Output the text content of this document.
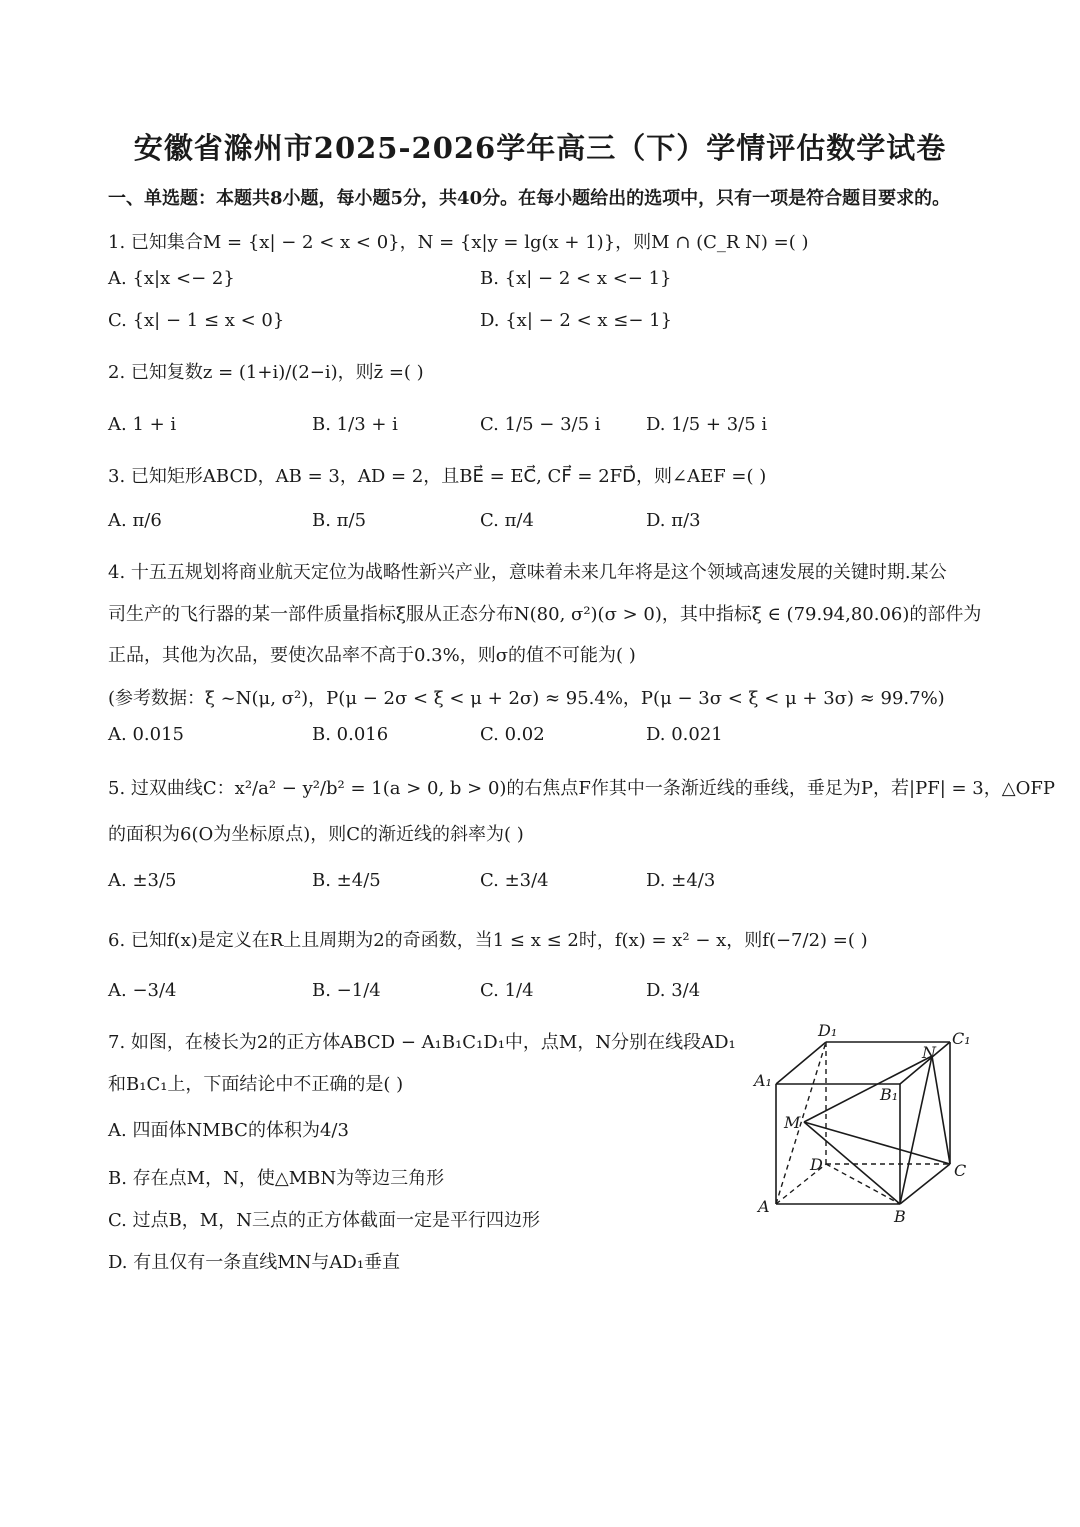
安徽省滁州市2025-2026学年高三（下）学情评估数学试卷
一、单选题：本题共8小题，每小题5分，共40分。在每小题给出的选项中，只有一项是符合题目要求的。
1. 已知集合M = {x| − 2 < x < 0}，N = {x|y = lg(x + 1)}，则M ∩ (C_R N) =( )
A. {x|x <− 2}	B. {x| − 2 < x <− 1}
C. {x| − 1 ≤ x < 0}	D. {x| − 2 < x ≤− 1}
2. 已知复数z = (1+i)/(2−i)，则z̄ =( )
A. 1 + i	B. 1/3 + i	C. 1/5 − 3/5 i	D. 1/5 + 3/5 i
3. 已知矩形ABCD，AB = 3，AD = 2，且BE⃗ = EC⃗, CF⃗ = 2FD⃗，则∠AEF =( )
A. π/6	B. π/5	C. π/4	D. π/3
4. 十五五规划将商业航天定位为战略性新兴产业，意味着未来几年将是这个领域高速发展的关键时期.某公
司生产的飞行器的某一部件质量指标ξ服从正态分布N(80, σ²)(σ > 0)，其中指标ξ ∈ (79.94,80.06)的部件为
正品，其他为次品，要使次品率不高于0.3%，则σ的值不可能为( )
(参考数据：ξ ~N(μ, σ²)，P(μ − 2σ < ξ < μ + 2σ) ≈ 95.4%，P(μ − 3σ < ξ < μ + 3σ) ≈ 99.7%)
A. 0.015	B. 0.016	C. 0.02	D. 0.021
5. 过双曲线C：x²/a² − y²/b² = 1(a > 0, b > 0)的右焦点F作其中一条渐近线的垂线，垂足为P，若|PF| = 3，△OFP
的面积为6(O为坐标原点)，则C的渐近线的斜率为( )
A. ±3/5	B. ±4/5	C. ±3/4	D. ±4/3
6. 已知f(x)是定义在R上且周期为2的奇函数，当1 ≤ x ≤ 2时，f(x) = x² − x，则f(−7/2) =( )
A. −3/4	B. −1/4	C. 1/4	D. 3/4
7. 如图，在棱长为2的正方体ABCD − A₁B₁C₁D₁中，点M，N分别在线段AD₁
和B₁C₁上，下面结论中不正确的是( )
A. 四面体NMBC的体积为4/3
B. 存在点M，N，使△MBN为等边三角形
C. 过点B，M，N三点的正方体截面一定是平行四边形
D. 有且仅有一条直线MN与AD₁垂直
A
B
C
D
A₁
B₁
C₁
D₁
M
N
